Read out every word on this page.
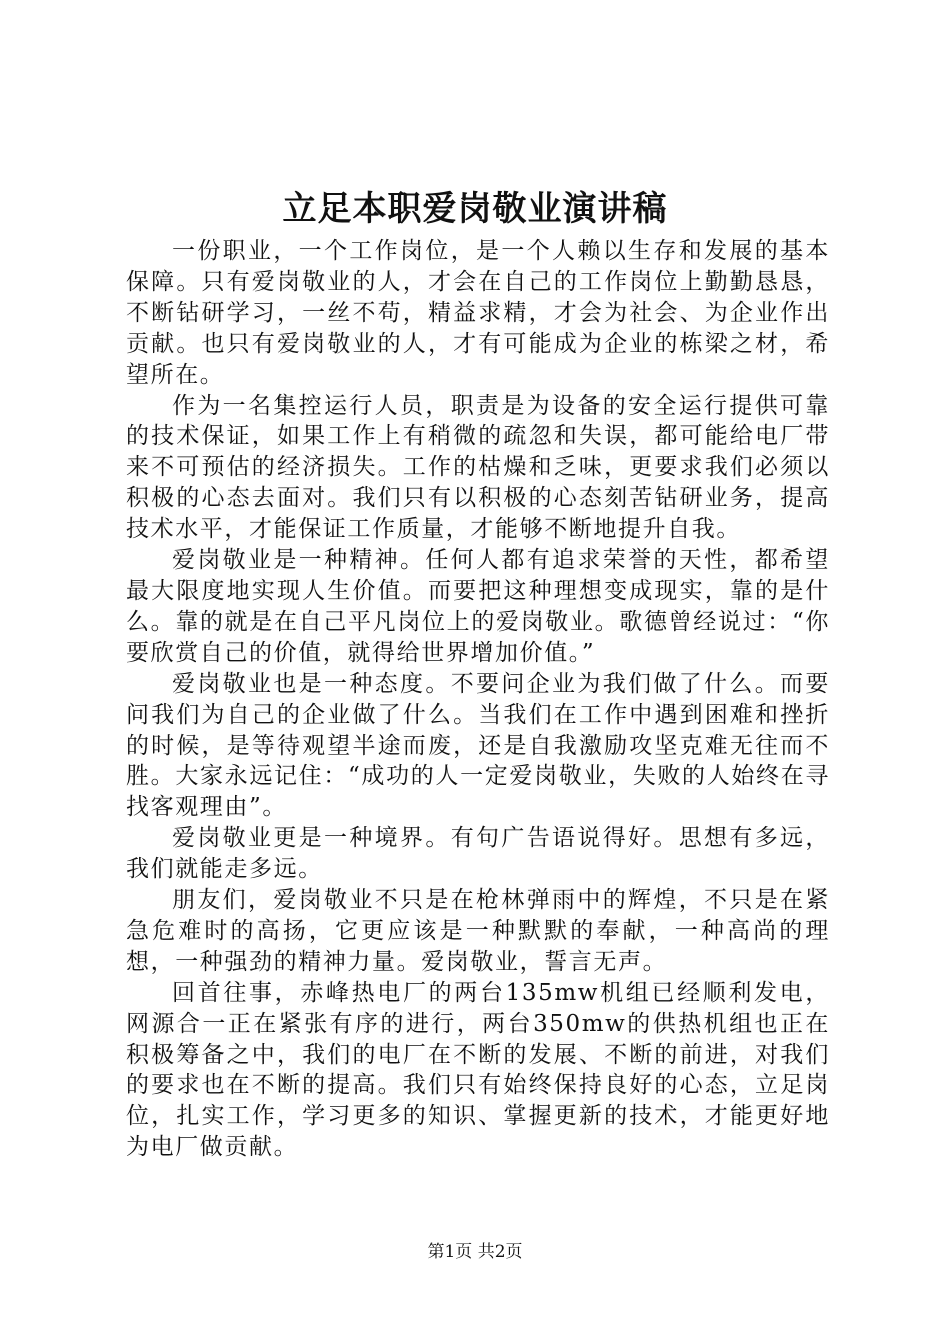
立足本职爱岗敬业演讲稿

一份职业，一个工作岗位，是一个人赖以生存和发展的基本保障。只有爱岗敬业的人，才会在自己的工作岗位上勤勤恳恳，不断钻研学习，一丝不苟，精益求精，才会为社会、为企业作出贡献。也只有爱岗敬业的人，才有可能成为企业的栋梁之材，希望所在。

作为一名集控运行人员，职责是为设备的安全运行提供可靠的技术保证，如果工作上有稍微的疏忽和失误，都可能给电厂带来不可预估的经济损失。工作的枯燥和乏味，更要求我们必须以积极的心态去面对。我们只有以积极的心态刻苦钻研业务，提高技术水平，才能保证工作质量，才能够不断地提升自我。

爱岗敬业是一种精神。任何人都有追求荣誉的天性，都希望最大限度地实现人生价值。而要把这种理想变成现实，靠的是什么。靠的就是在自己平凡岗位上的爱岗敬业。歌德曾经说过：“你要欣赏自己的价值，就得给世界增加价值。”

爱岗敬业也是一种态度。不要问企业为我们做了什么。而要问我们为自己的企业做了什么。当我们在工作中遇到困难和挫折的时候，是等待观望半途而废，还是自我激励攻坚克难无往而不胜。大家永远记住：“成功的人一定爱岗敬业，失败的人始终在寻找客观理由”。

爱岗敬业更是一种境界。有句广告语说得好。思想有多远，我们就能走多远。

朋友们，爱岗敬业不只是在枪林弹雨中的辉煌，不只是在紧急危难时的高扬，它更应该是一种默默的奉献，一种高尚的理想，一种强劲的精神力量。爱岗敬业，誓言无声。

回首往事，赤峰热电厂的两台135mw机组已经顺利发电，网源合一正在紧张有序的进行，两台350mw的供热机组也正在积极筹备之中，我们的电厂在不断的发展、不断的前进，对我们的要求也在不断的提高。我们只有始终保持良好的心态，立足岗位，扎实工作，学习更多的知识、掌握更新的技术，才能更好地为电厂做贡献。

第1页 共2页
